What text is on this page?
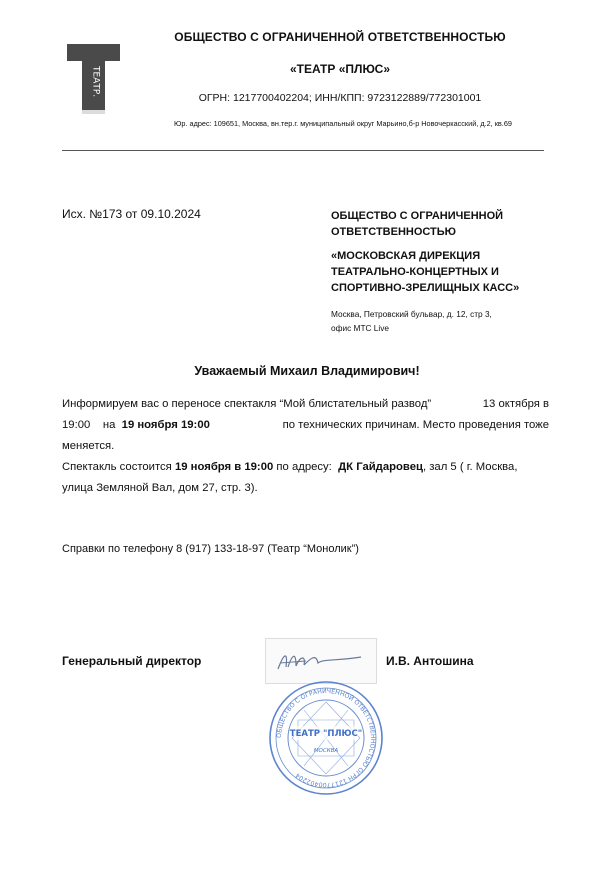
ТЕАТР.
ОБЩЕСТВО С ОГРАНИЧЕННОЙ ОТВЕТСТВЕННОСТЬЮ
«ТЕАТР «ПЛЮС»
ОГРН: 1217700402204; ИНН/КПП: 9723122889/772301001
Юр. адрес: 109651, Москва, вн.тер.г. муниципальный округ Марьино,б-р Новочеркасский, д.2, кв.69
Исх. №173 от 09.10.2024	ОБЩЕСТВО С ОГРАНИЧЕННОЙ ОТВЕТСТВЕННОСТЬЮ
«МОСКОВСКАЯ ДИРЕКЦИЯ ТЕАТРАЛЬНО-КОНЦЕРТНЫХ И СПОРТИВНО-ЗРЕЛИЩНЫХ КАСС»
Москва, Петровский бульвар, д. 12, стр 3,
офис МТС Live
Уважаемый Михаил Владимирович!
Информируем вас о переносе спектакля “Мой блистательный развод”	13 октября в
19:00 на 19 ноября 19:00	по технических причинам. Место проведения тоже
меняется.
Спектакль состоится 19 ноября в 19:00 по адресу: ДК Гайдаровец, зал 5 ( г. Москва,
улица Земляной Вал, дом 27, стр. 3).
Справки по телефону 8 (917) 133-18-97 (Театр “Монолик”)
Генеральный директор	И.В. Антошина
ОБЩЕСТВО С ОГРАНИЧЕННОЙ ОТВЕТСТВЕННОСТЬЮ ОГРН 1217700402204
ТЕАТР "ПЛЮС"
МОСКВА
